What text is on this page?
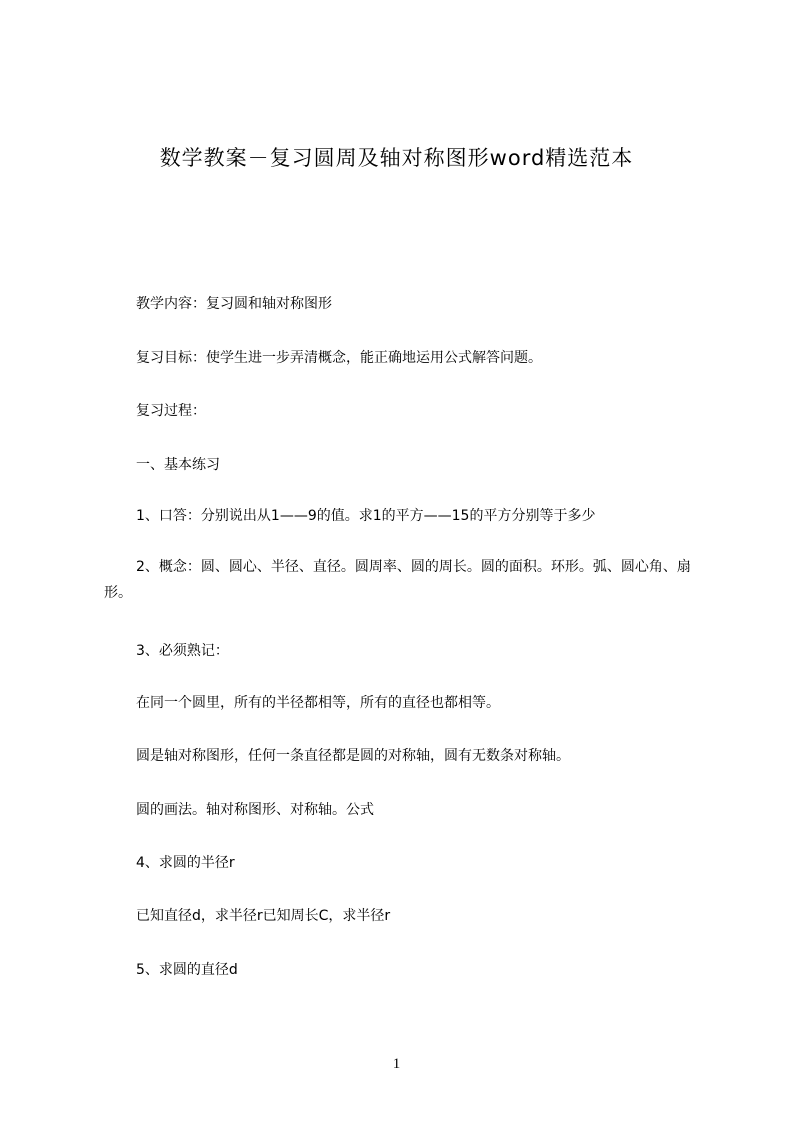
数学教案－复习圆周及轴对称图形word精选范本
教学内容：复习圆和轴对称图形
复习目标：使学生进一步弄清概念，能正确地运用公式解答问题。
复习过程：
一、基本练习
1、口答：分别说出从1——9的值。求1的平方——15的平方分别等于多少
2、概念：圆、圆心、半径、直径。圆周率、圆的周长。圆的面积。环形。弧、圆心角、扇形。
3、必须熟记：
在同一个圆里，所有的半径都相等，所有的直径也都相等。
圆是轴对称图形，任何一条直径都是圆的对称轴，圆有无数条对称轴。
圆的画法。轴对称图形、对称轴。公式
4、求圆的半径r
已知直径d，求半径r已知周长C，求半径r
5、求圆的直径d
1
